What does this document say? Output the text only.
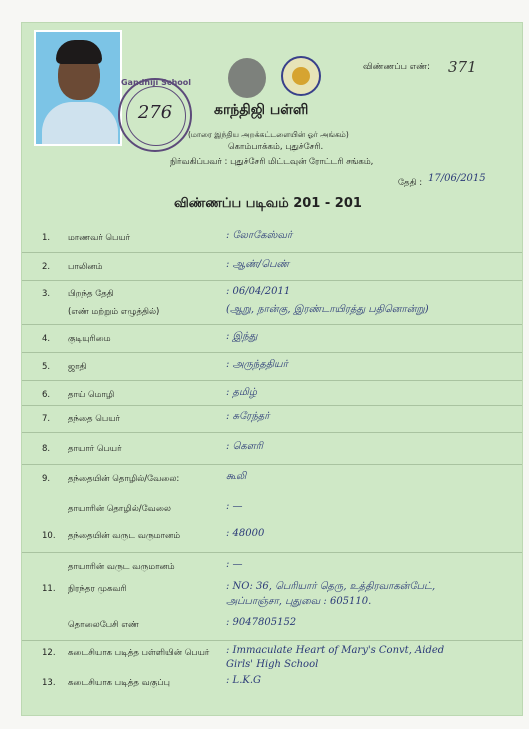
Gandhiji School
276
விண்ணப்ப எண்: 371
காந்திஜி பள்ளி
(மாரை இந்திய அறக்கட்டளையின் ஓர் அங்கம்)
கொம்பாக்கம், புதுச்சேரி.
நிர்வகிப்பவர் : புதுச்சேரி மிட்டவுன் ரோட்டரி சங்கம்,
தேதி : 17/06/2015
விண்ணப்ப படிவம் 201 - 201
1. மாணவர் பெயர்	: லோகேஸ்வர்
2. பாலினம்	: ஆண்/பெண்
3. பிறந்த தேதி	: 06/04/2011
(எண் மற்றும் எழுத்தில்)	(ஆறு, நான்கு, இரண்டாயிரத்து பதினொன்று)
4. குடியுரிமை	: இந்து
5. ஜாதி	: அருந்ததியர்
6. தாய் மொழி	: தமிழ்
7. தந்தை பெயர்	: சுரேந்தர்
8. தாயார் பெயர்	: கௌரி
9. தந்தையின் தொழில்/வேலை:	கூலி
தாயாரின் தொழில்/வேலை	: —
10. தந்தையின் வருட வருமானம்	: 48000
தாயாரின் வருட வருமானம்	: —
11. நிரந்தர முகவரி	: NO: 36, பெரியார் தெரு, உத்திரவாகன்பேட்,
அப்பாஞ்சா, புதுவை : 605110.
தொலைபேசி எண்	: 9047805152
12. கடைசியாக படித்த பள்ளியின் பெயர் : Immaculate Heart of Mary's Convt, Aided
Girls' High School
13. கடைசியாக படித்த வகுப்பு	: L.K.G
